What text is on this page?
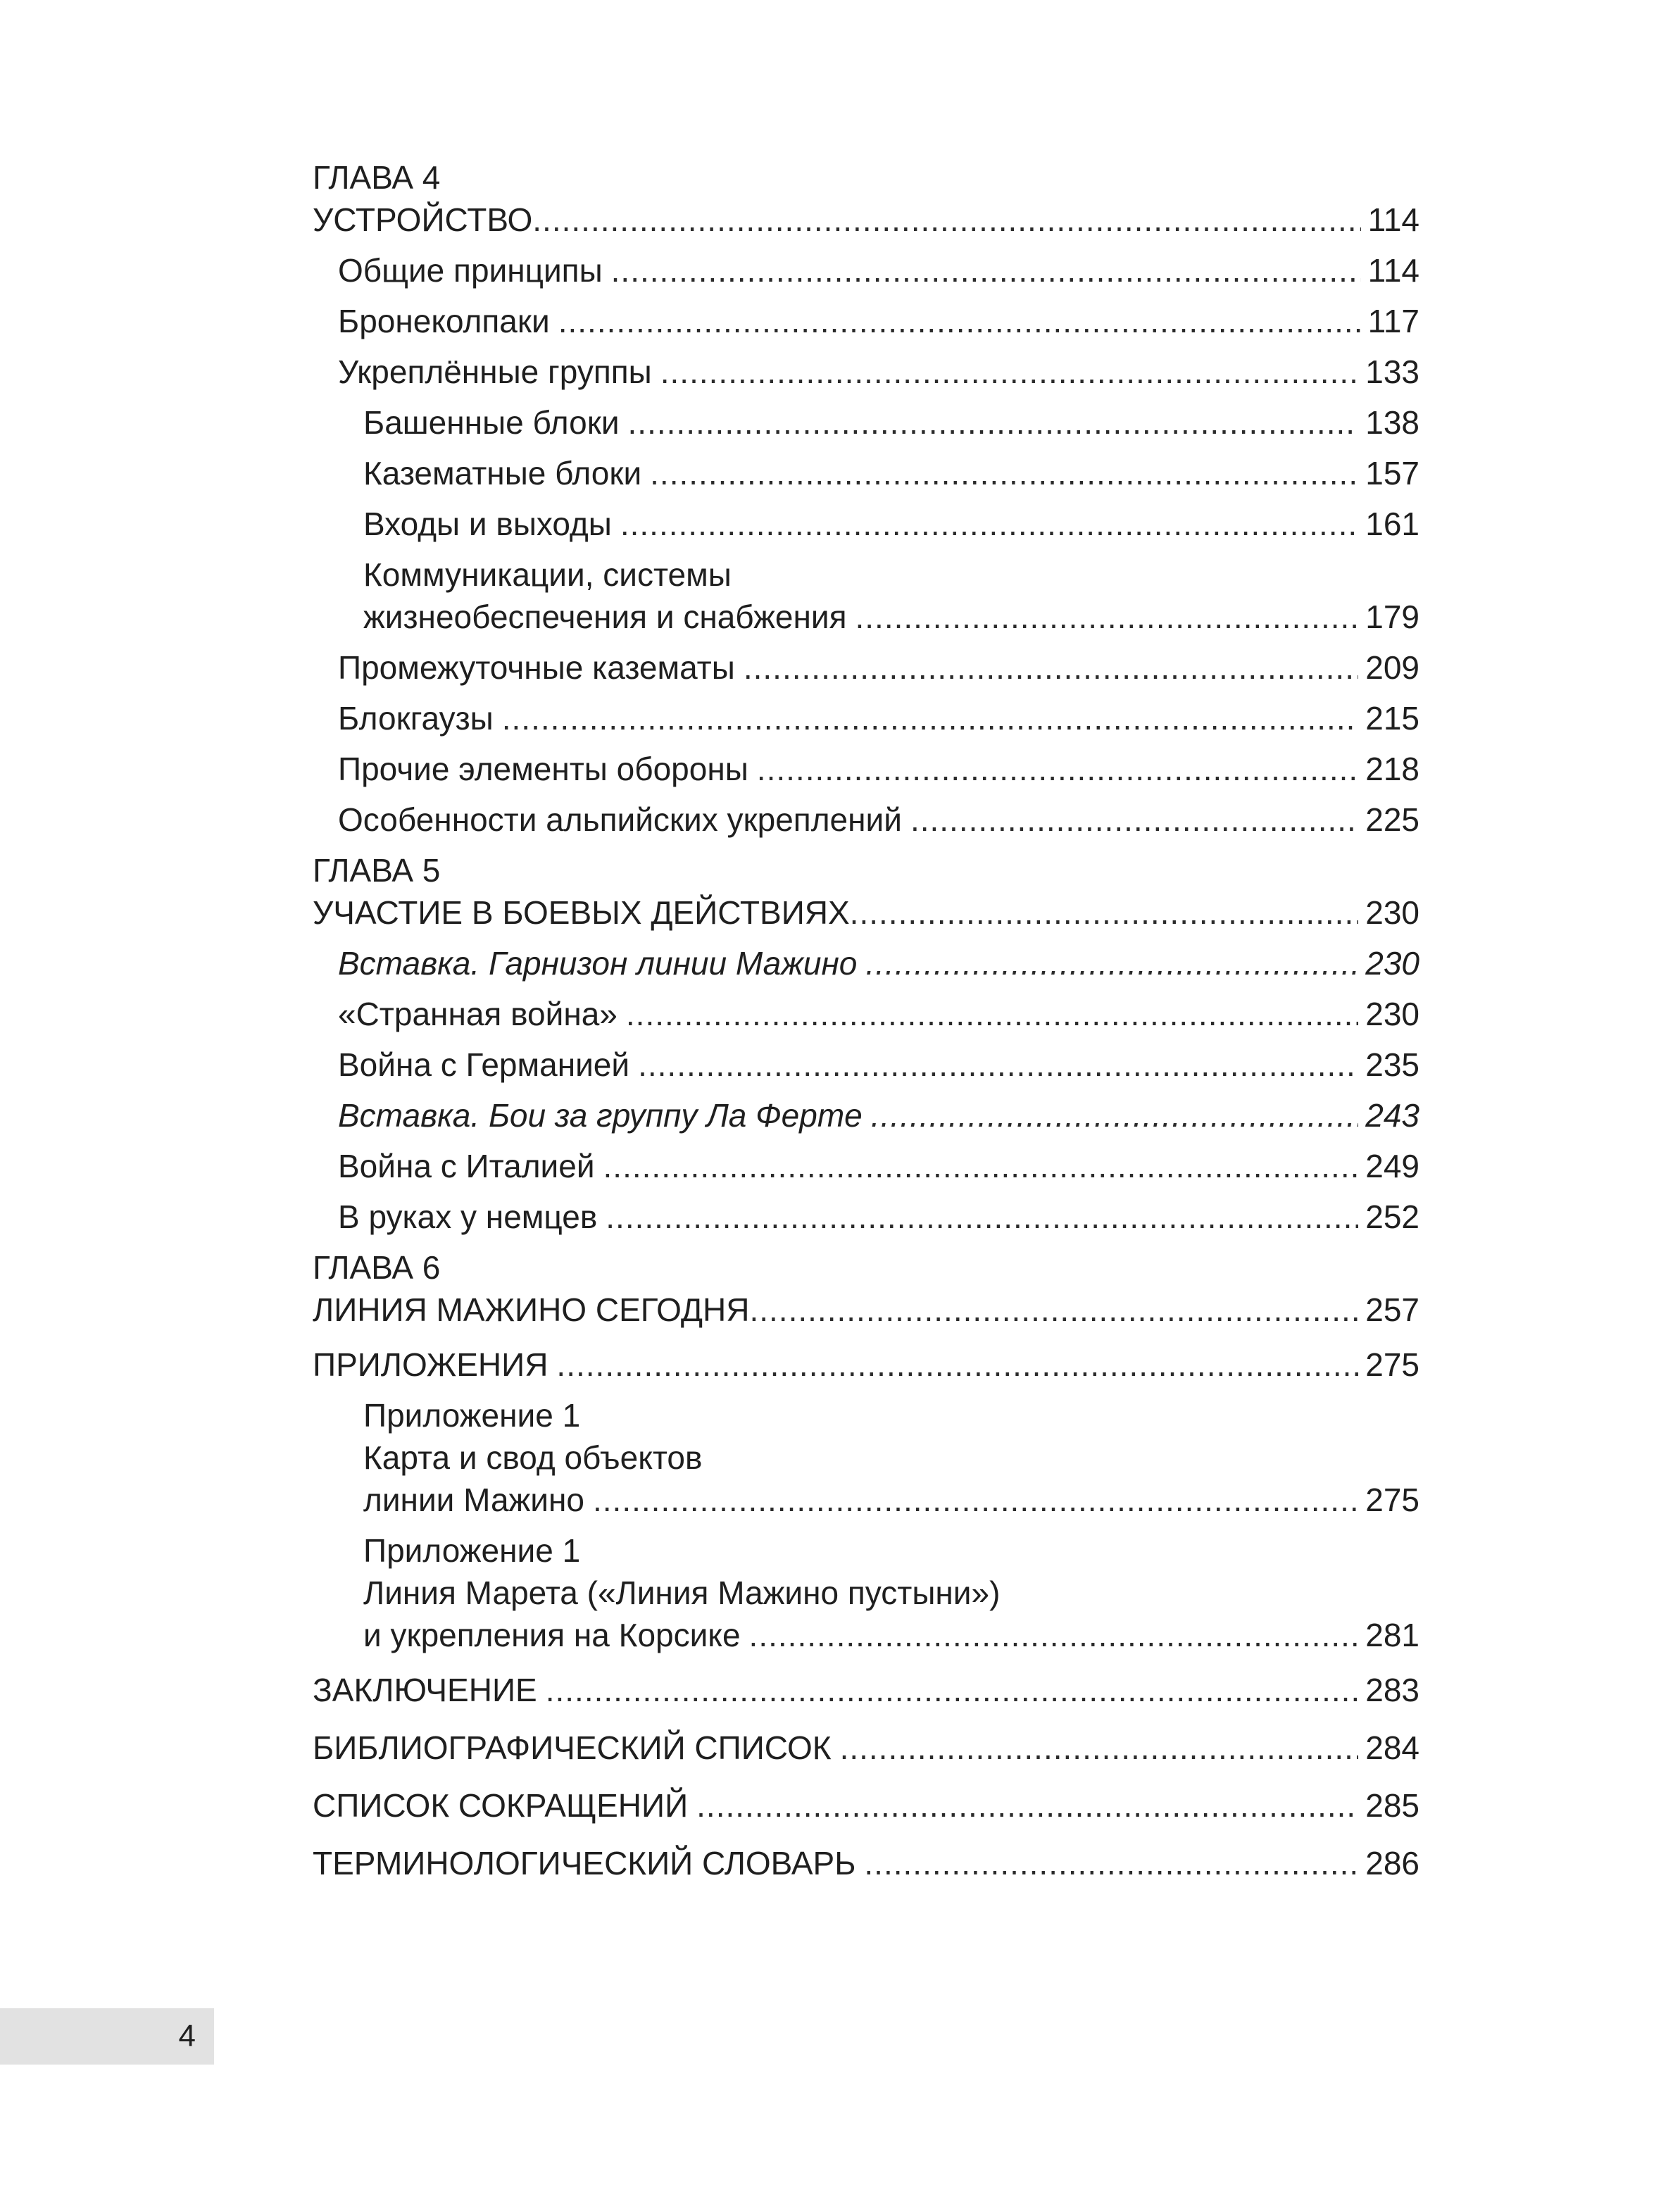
ГЛАВА 4
УСТРОЙСТВО .....	114
Общие принципы .....	114
Бронеколпаки .....	117
Укреплённые группы .....	133
Башенные блоки .....	138
Казематные блоки .....	157
Входы и выходы .....	161
Коммуникации, системы
жизнеобеспечения и снабжения .....	179
Промежуточные казематы .....	209
Блокгаузы .....	215
Прочие элементы обороны .....	218
Особенности альпийских укреплений .....	225
ГЛАВА 5
УЧАСТИЕ В БОЕВЫХ ДЕЙСТВИЯХ .....	230
Вставка. Гарнизон линии Мажино .....	230
«Странная война» .....	230
Война с Германией .....	235
Вставка. Бои за группу Ла Ферте .....	243
Война с Италией .....	249
В руках у немцев .....	252
ГЛАВА 6
ЛИНИЯ МАЖИНО СЕГОДНЯ .....	257
ПРИЛОЖЕНИЯ .....	275
Приложение 1
Карта и свод объектов
линии Мажино .....	275
Приложение 1
Линия Марета («Линия Мажино пустыни»)
и укрепления на Корсике .....	281
ЗАКЛЮЧЕНИЕ .....	283
БИБЛИОГРАФИЧЕСКИЙ СПИСОК .....	284
СПИСОК СОКРАЩЕНИЙ .....	285
ТЕРМИНОЛОГИЧЕСКИЙ СЛОВАРЬ .....	286
4
